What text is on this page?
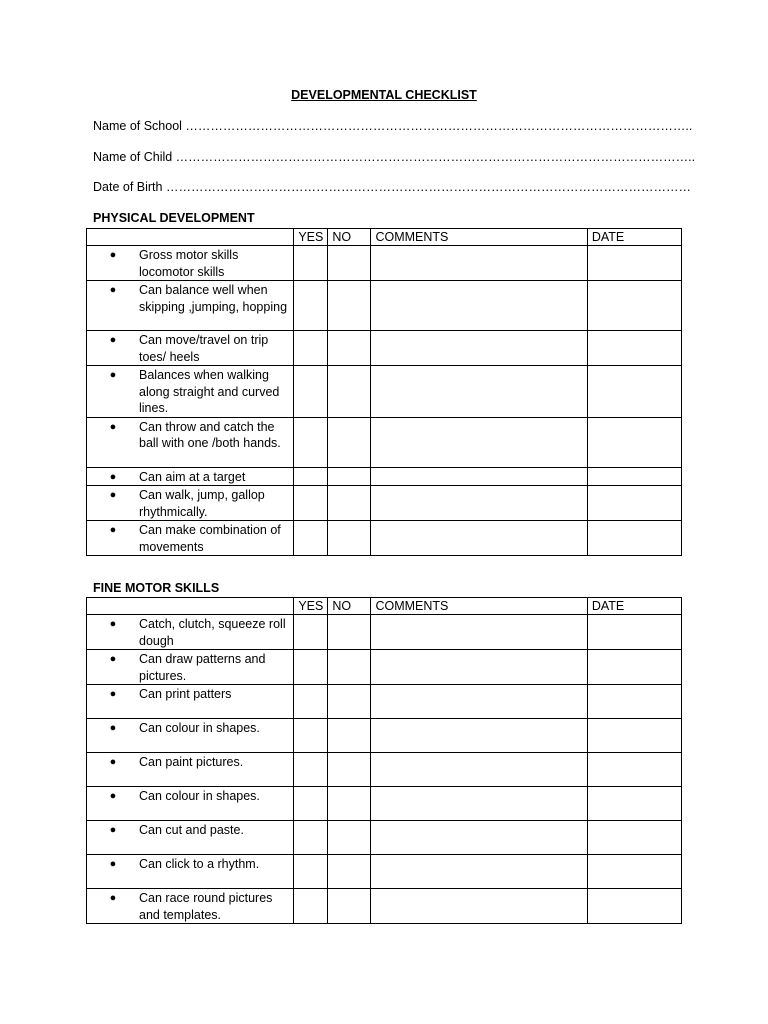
DEVELOPMENTAL CHECKLIST
Name of School …………………………………………………………………………………………………………..
Name of Child ……………………………………………………………………………………………………………..
Date of Birth ………………………………………………………………………………………………………………
PHYSICAL DEVELOPMENT
	YES	NO	COMMENTS	DATE

● Gross motor skills locomotor skills				

● Can balance well when skipping ,jumping, hopping				

● Can move/travel on trip toes/ heels				

● Balances when walking along straight and curved lines.				

● Can throw and catch the ball with one /both hands.				

● Can aim at a target				

● Can walk, jump, gallop rhythmically.				

● Can make combination of movements				

FINE MOTOR SKILLS
	YES	NO	COMMENTS	DATE

● Catch, clutch, squeeze roll dough				

● Can draw patterns and pictures.				

● Can print patters				

● Can colour in shapes.				

● Can paint pictures.				

● Can colour in shapes.				

● Can cut and paste.				

● Can click to a rhythm.				

● Can race round pictures and templates.				
